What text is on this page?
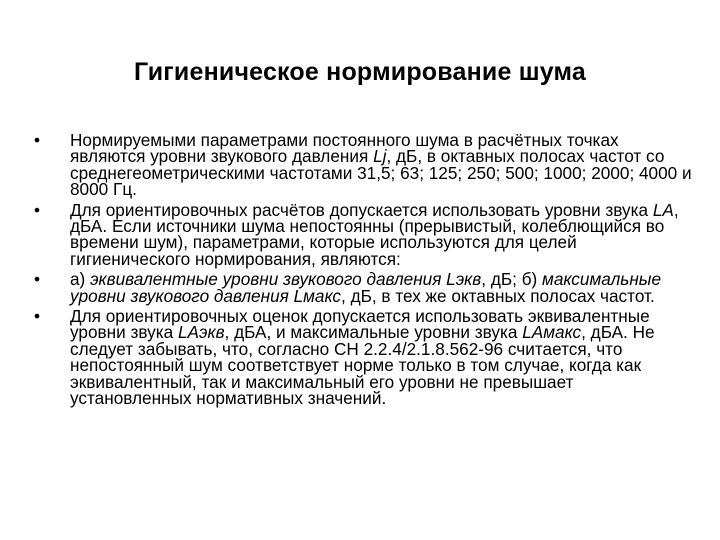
Гигиеническое нормирование шума
•	Нормируемыми параметрами постоянного шума в расчётных точках являются уровни звукового давления Lj, дБ, в октавных полосах частот со среднегеометрическими частотами 31,5; 63; 125; 250; 500; 1000; 2000; 4000 и 8000 Гц.
•	Для ориентировочных расчётов допускается использовать уровни звука LA, дБА. Если источники шума непостоянны (прерывистый, колеблющийся во времени шум), параметрами, которые используются для целей гигиенического нормирования, являются:
•	а) эквивалентные уровни звукового давления Lэкв, дБ; б) максимальные уровни звукового давления Lмакс, дБ, в тех же октавных полосах частот.
•	Для ориентировочных оценок допускается использовать эквивалентные уровни звука LAэкв, дБА, и максимальные уровни звука LAмакс, дБА. Не следует забывать, что, согласно СН 2.2.4/2.1.8.562-96 считается, что непостоянный шум соответствует норме только в том случае, когда как эквивалентный, так и максимальный его уровни не превышает установленных нормативных значений.
